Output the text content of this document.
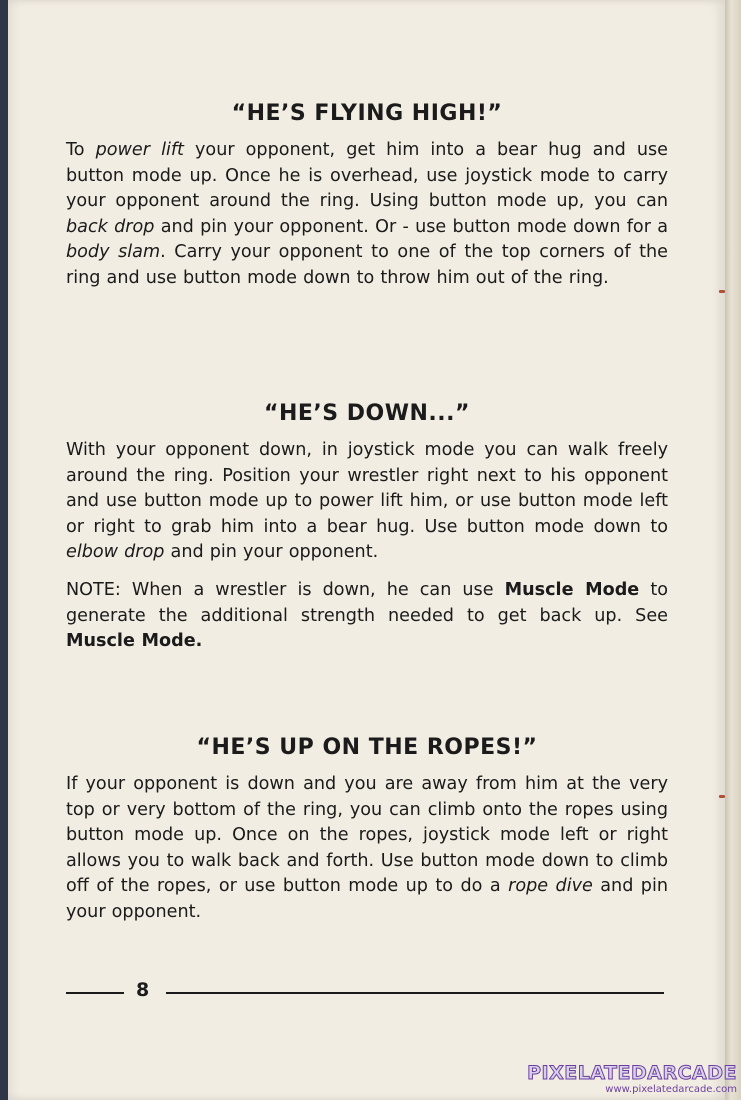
“HE’S FLYING HIGH!”

To power lift your opponent, get him into a bear hug and use button mode up. Once he is overhead, use joystick mode to carry your opponent around the ring. Using button mode up, you can back drop and pin your opponent. Or - use button mode down for a body slam. Carry your opponent to one of the top corners of the ring and use button mode down to throw him out of the ring.

“HE’S DOWN...”

With your opponent down, in joystick mode you can walk freely around the ring. Position your wrestler right next to his opponent and use button mode up to power lift him, or use button mode left or right to grab him into a bear hug. Use button mode down to elbow drop and pin your opponent.

NOTE: When a wrestler is down, he can use Muscle Mode to generate the additional strength needed to get back up. See Muscle Mode.

“HE’S UP ON THE ROPES!”

If your opponent is down and you are away from him at the very top or very bottom of the ring, you can climb onto the ropes using button mode up. Once on the ropes, joystick mode left or right allows you to walk back and forth. Use button mode down to climb off of the ropes, or use button mode up to do a rope dive and pin your opponent.

8
PIXELATEDARCADE
www.pixelatedarcade.com
